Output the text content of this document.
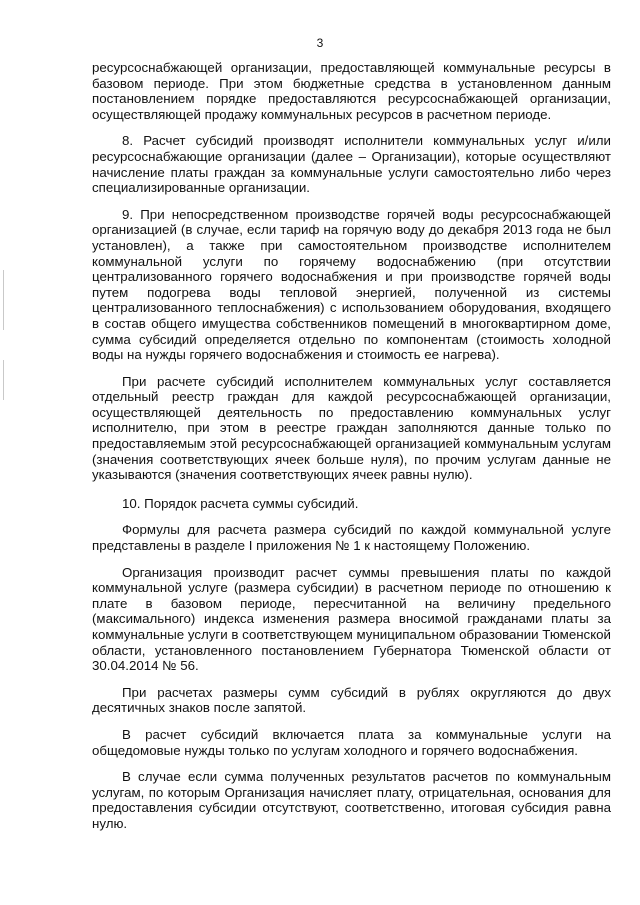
3

ресурсоснабжающей организации, предоставляющей коммунальные ресурсы в базовом периоде. При этом бюджетные средства в установленном данным постановлением порядке предоставляются ресурсоснабжающей организации, осуществляющей продажу коммунальных ресурсов в расчетном периоде.

8. Расчет субсидий производят исполнители коммунальных услуг и/или ресурсоснабжающие организации (далее – Организации), которые осуществляют начисление платы граждан за коммунальные услуги самостоятельно либо через специализированные организации.

9. При непосредственном производстве горячей воды ресурсоснабжающей организацией (в случае, если тариф на горячую воду до декабря 2013 года не был установлен), а также при самостоятельном производстве исполнителем коммунальной услуги по горячему водоснабжению (при отсутствии централизованного горячего водоснабжения и при производстве горячей воды путем подогрева воды тепловой энергией, полученной из системы централизованного теплоснабжения) с использованием оборудования, входящего в состав общего имущества собственников помещений в многоквартирном доме, сумма субсидий определяется отдельно по компонентам (стоимость холодной воды на нужды горячего водоснабжения и стоимость ее нагрева).

При расчете субсидий исполнителем коммунальных услуг составляется отдельный реестр граждан для каждой ресурсоснабжающей организации, осуществляющей деятельность по предоставлению коммунальных услуг исполнителю, при этом в реестре граждан заполняются данные только по предоставляемым этой ресурсоснабжающей организацией коммунальным услугам (значения соответствующих ячеек больше нуля), по прочим услугам данные не указываются (значения соответствующих ячеек равны нулю).

10. Порядок расчета суммы субсидий.

Формулы для расчета размера субсидий по каждой коммунальной услуге представлены в разделе I приложения № 1 к настоящему Положению.

Организация производит расчет суммы превышения платы по каждой коммунальной услуге (размера субсидии) в расчетном периоде по отношению к плате в базовом периоде, пересчитанной на величину предельного (максимального) индекса изменения размера вносимой гражданами платы за коммунальные услуги в соответствующем муниципальном образовании Тюменской области, установленного постановлением Губернатора Тюменской области от 30.04.2014 № 56.

При расчетах размеры сумм субсидий в рублях округляются до двух десятичных знаков после запятой.

В расчет субсидий включается плата за коммунальные услуги на общедомовые нужды только по услугам холодного и горячего водоснабжения.

В случае если сумма полученных результатов расчетов по коммунальным услугам, по которым Организация начисляет плату, отрицательная, основания для предоставления субсидии отсутствуют, соответственно, итоговая субсидия равна нулю.
